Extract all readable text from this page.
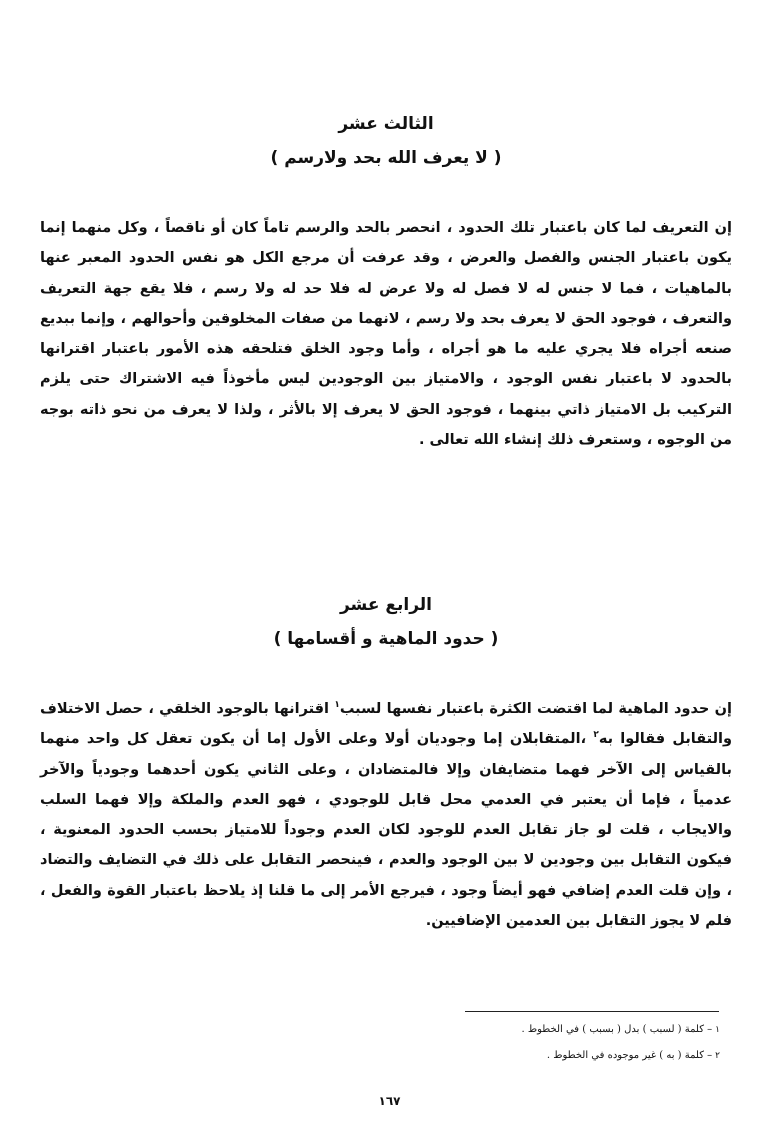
الثالث عشر
( لا يعرف الله بحد ولارسم )

إن التعريف لما كان باعتبار تلك الحدود ، انحصر بالحد والرسم تاماً كان أو ناقصاً ، وكل منهما إنما يكون باعتبار الجنس والفصل والعرض ، وقد عرفت أن مرجع الكل هو نفس الحدود المعبر عنها بالماهيات ، فما لا جنس له لا فصل له ولا عرض له فلا حد له ولا رسم ، فلا يقع جهة التعريف والتعرف ، فوجود الحق لا يعرف بحد ولا رسم ، لانهما من صفات المخلوقين وأحوالهم ، وإنما ببديع صنعه أجراه فلا يجري عليه ما هو أجراه ، وأما وجود الخلق فتلحقه هذه الأمور باعتبار اقترانها بالحدود لا باعتبار نفس الوجود ، والامتياز بين الوجودين ليس مأخوذاً فيه الاشتراك حتى يلزم التركيب بل الامتياز ذاتي بينهما ، فوجود الحق لا يعرف إلا بالأثر ، ولذا لا يعرف من نحو ذاته بوجه من الوجوه ، وستعرف ذلك إنشاء الله تعالى .

الرابع عشر
( حدود الماهية و أقسامها )

إن حدود الماهية لما اقتضت الكثرة باعتبار نفسها لسبب$^١$ اقترانها بالوجود الخلقي ، حصل الاختلاف والتقابل فقالوا به$^٢$ ،المتقابلان إما وجوديان أولا وعلى الأول إما أن يكون تعقل كل واحد منهما بالقياس إلى الآخر فهما متضايفان وإلا فالمتضادان ، وعلى الثاني يكون أحدهما وجودياً والآخر عدمياً ، فإما أن يعتبر في العدمي محل قابل للوجودي ، فهو العدم والملكة وإلا فهما السلب والايجاب ، قلت لو جاز تقابل العدم للوجود لكان العدم وجوداً للامتياز بحسب الحدود المعنوية ، فيكون التقابل بين وجودين لا بين الوجود والعدم ، فينحصر التقابل على ذلك في التضايف والتضاد ، وإن قلت العدم إضافي فهو أيضاً وجود ، فيرجع الأمر إلى ما قلنا إذ يلاحظ باعتبار القوة والفعل ، فلم لا يجوز التقابل بين العدمين الإضافيين.

١– كلمة ( لسبب ) بدل ( بسبب ) في الخطوط .

٢– كلمة ( به ) غير موجوده في الخطوط .

١٦٧
